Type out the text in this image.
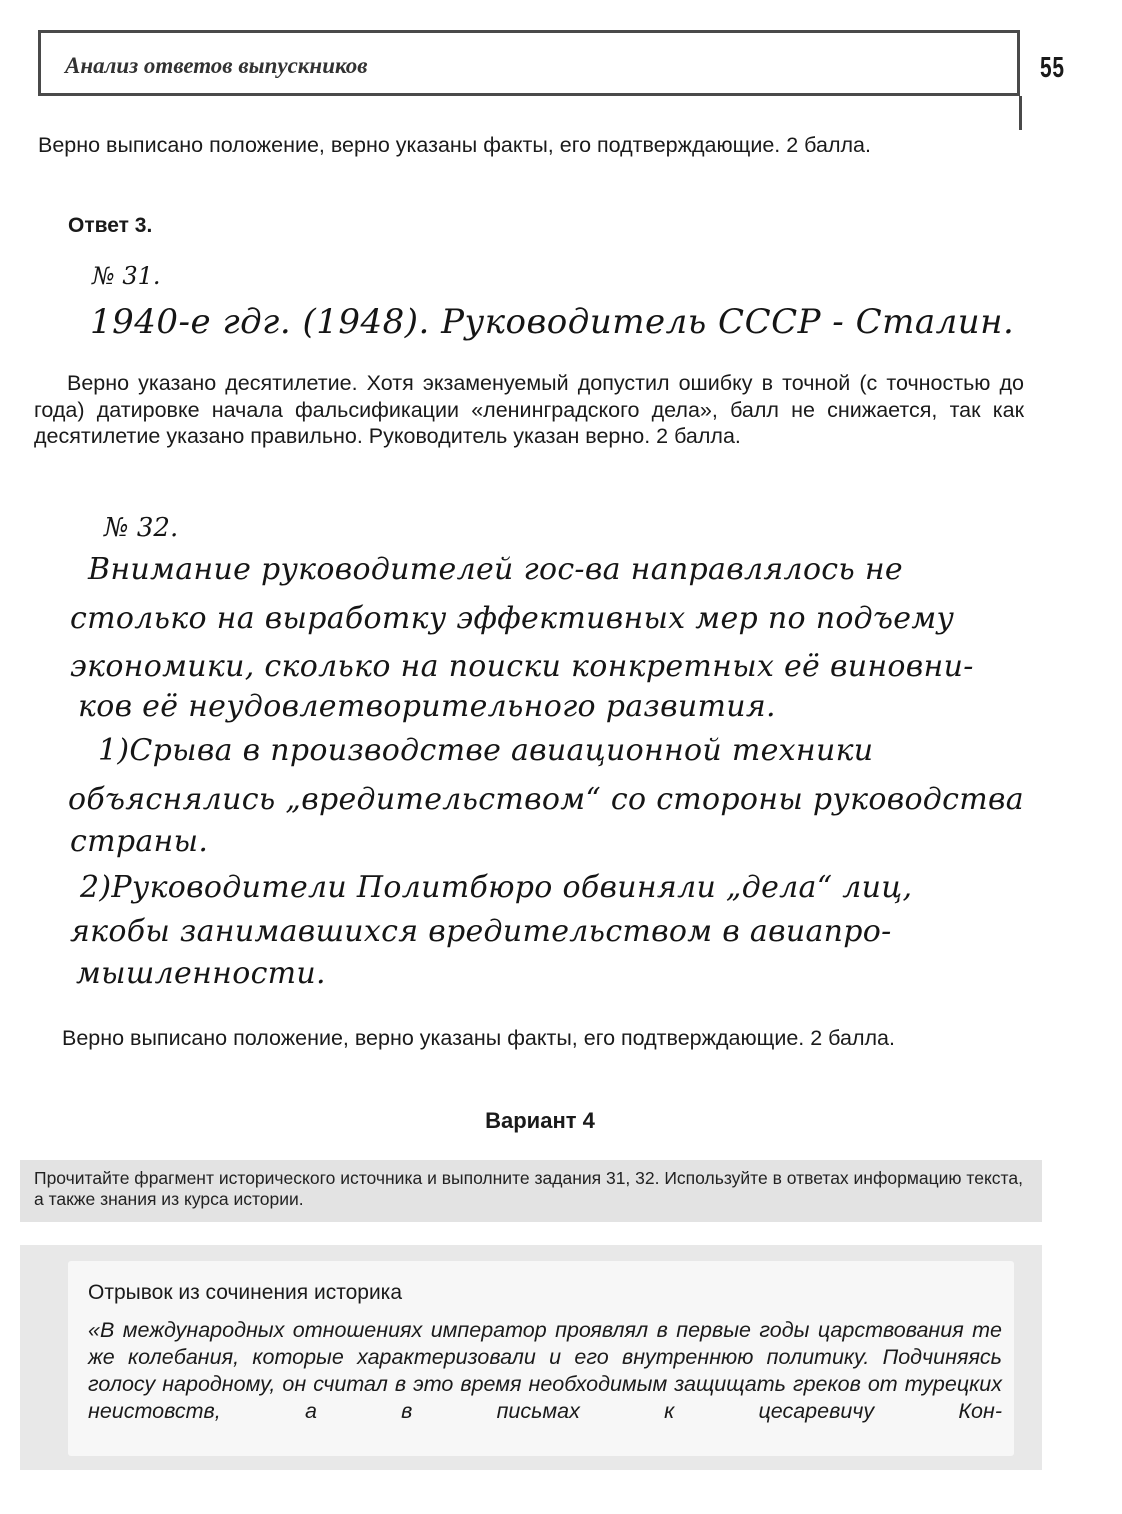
Анализ ответов выпускников	55
Верно выписано положение, верно указаны факты, его подтверждающие. 2 балла.
Ответ 3.
№ 31.
1940-е гдг. (1948). Руководитель СССР - Сталин.
Верно указано десятилетие. Хотя экзаменуемый допустил ошибку в точной (с точностью до года) датировке начала фальсификации «ленинградского дела», балл не снижается, так как десятилетие указано правильно. Руководитель указан верно. 2 балла.
№ 32.
Внимание руководителей гос-ва направлялось не
столько на выработку эффективных мер по подъему
экономики, сколько на поиски конкретных её виновни-
ков её неудовлетворительного развития.
1)Срыва в производстве авиационной техники
объяснялись „вредительством“ со стороны руководства
страны.
2)Руководители Политбюро обвиняли „дела“ лиц,
якобы занимавшихся вредительством в авиапро-
мышленности.
Верно выписано положение, верно указаны факты, его подтверждающие. 2 балла.
Вариант 4
Прочитайте фрагмент исторического источника и выполните задания 31, 32. Используйте в ответах информацию текста, а также знания из курса истории.
Отрывок из сочинения историка
«В международных отношениях император проявлял в первые годы царствования те же колебания, которые характеризовали и его внутреннюю политику. Подчиняясь голосу народному, он считал в это время необходимым защищать греков от турецких неистовств, а в письмах к цесаревичу Кон-
